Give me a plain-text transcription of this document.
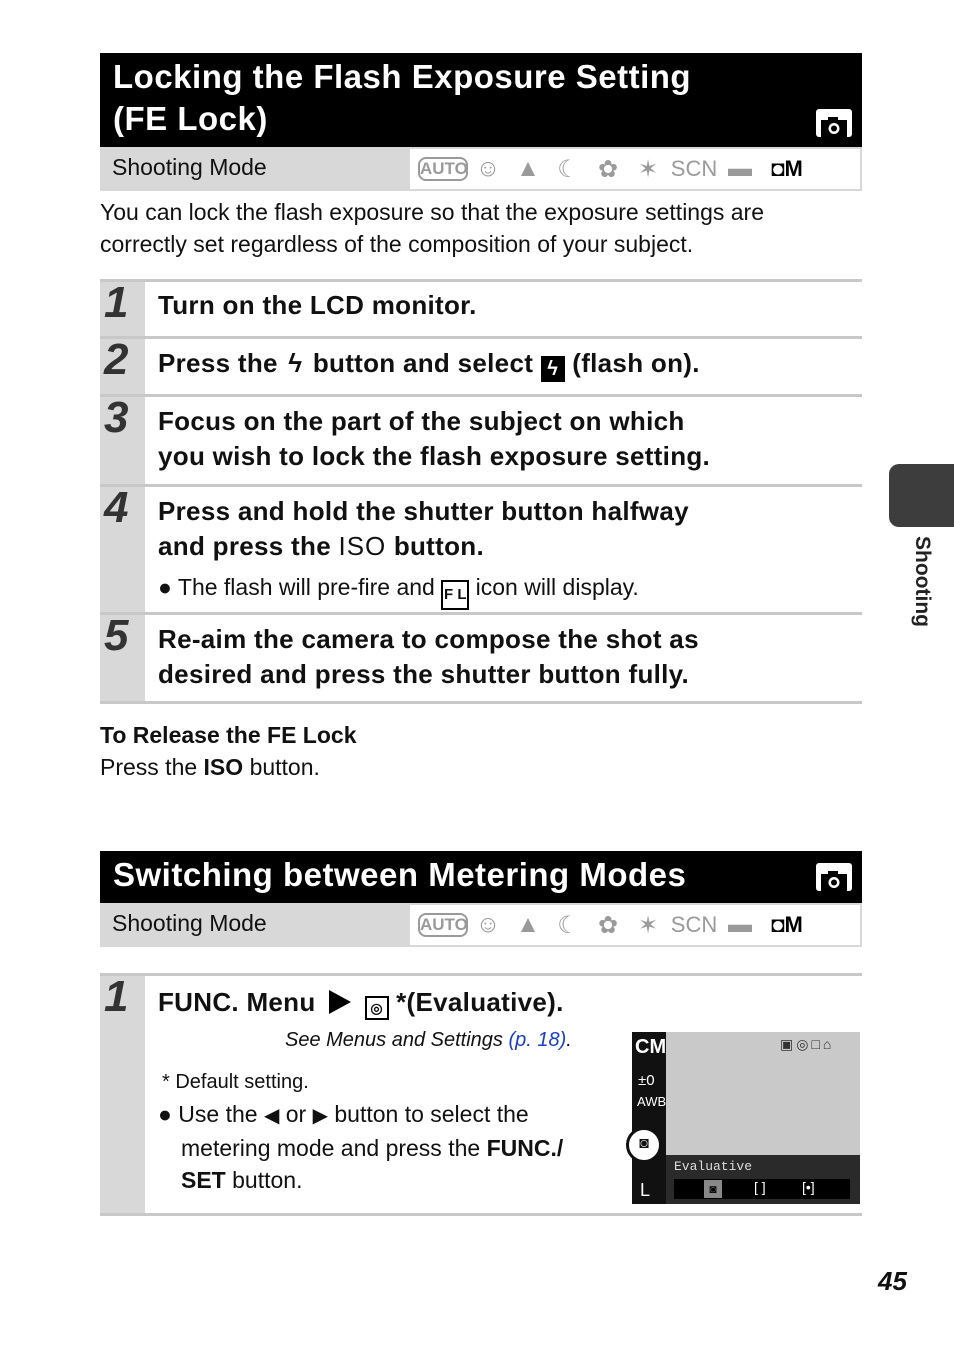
Locking the Flash Exposure Setting
(FE Lock)
Shooting Mode	AUTO ☺ ▲ ☾ ✿ ✶ SCN ▬ ◘M
You can lock the flash exposure so that the exposure settings are
correctly set regardless of the composition of your subject.
1 Turn on the LCD monitor.
2 Press the ϟ button and select ϟ (flash on).
3 Focus on the part of the subject on which
you wish to lock the flash exposure setting.
4 Press and hold the shutter button halfway
and press the ISO button.
● The flash will pre-fire and F L icon will display.
5 Re-aim the camera to compose the shot as
desired and press the shutter button fully.
To Release the FE Lock
Press the ISO button.
Switching between Metering Modes
Shooting Mode	AUTO ☺ ▲ ☾ ✿ ✶ SCN ▬ ◘M
1 FUNC. Menu	◎ *(Evaluative).
See Menus and Settings (p. 18).
* Default setting.
● Use the ◀ or ▶ button to select the
metering mode and press the FUNC./
SET button.
CM
±0
AWB
◙
L
▣◎□⌂
Evaluative
◙	[ ]	[•]
Shooting
45
